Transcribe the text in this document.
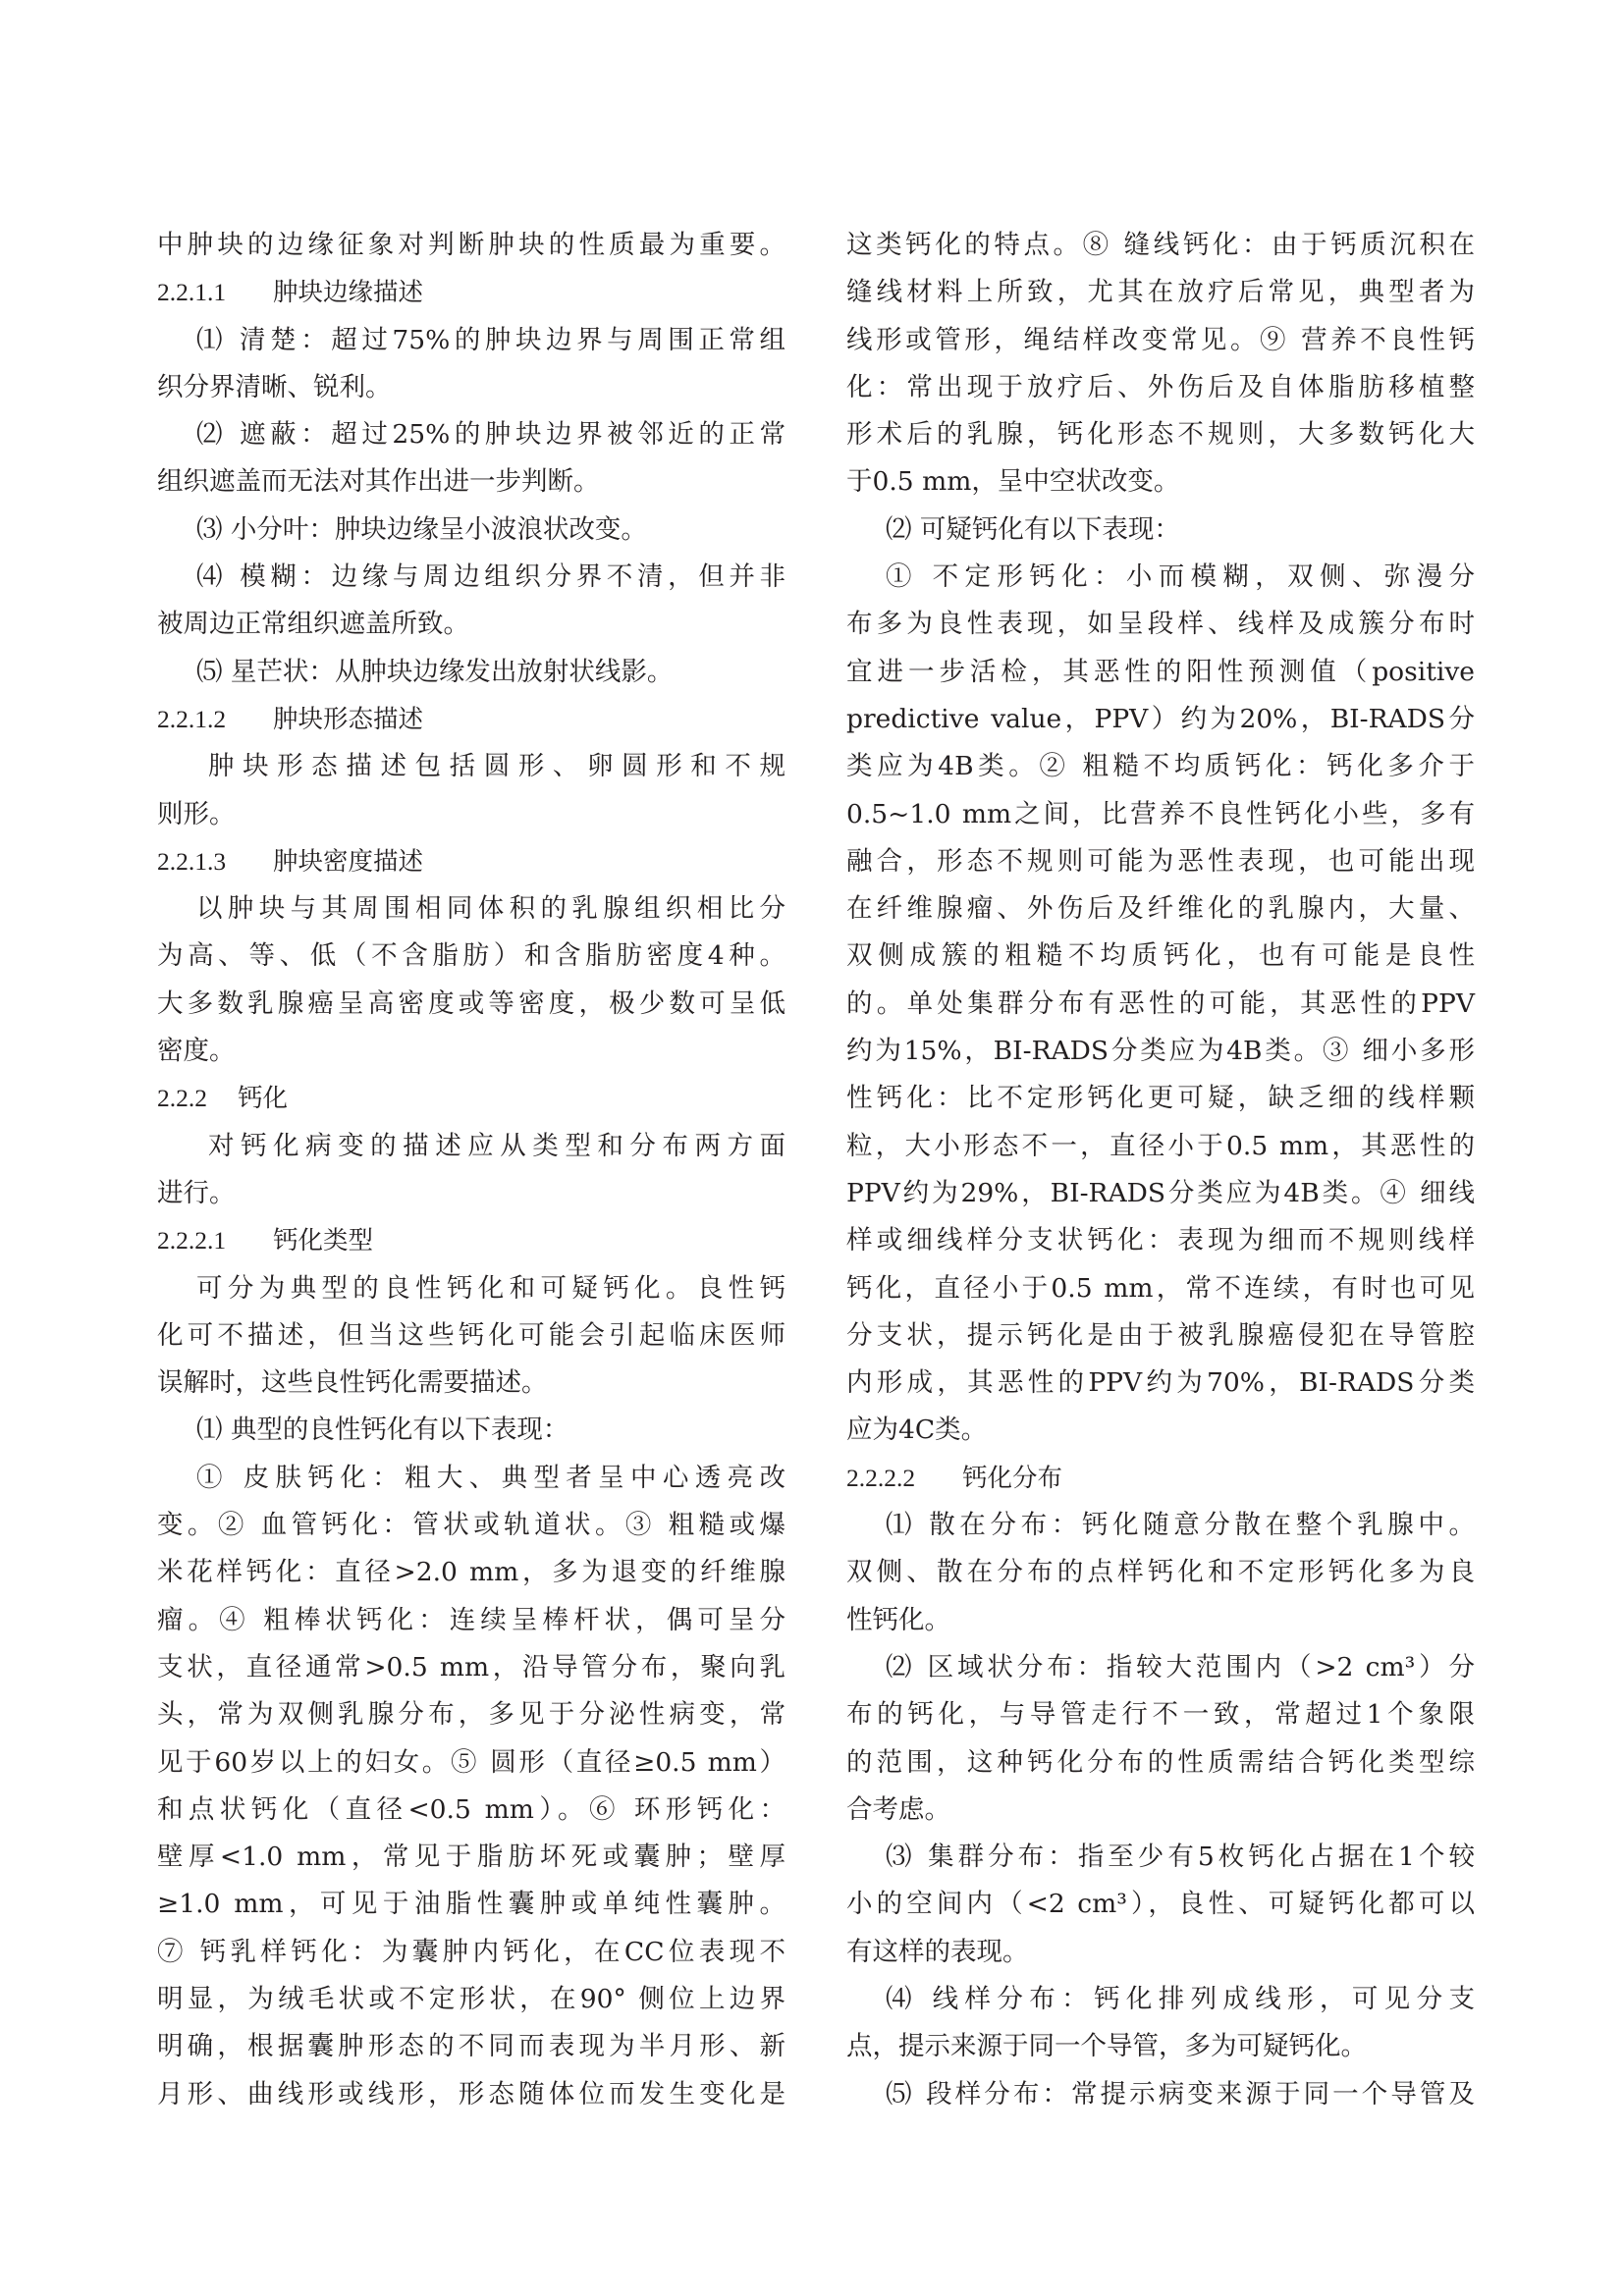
中肿块的边缘征象对判断肿块的性质最为重要。
2.2.1.1 肿块边缘描述
⑴ 清楚：超过75%的肿块边界与周围正常组
织分界清晰、锐利。
⑵ 遮蔽：超过25%的肿块边界被邻近的正常
组织遮盖而无法对其作出进一步判断。
⑶ 小分叶：肿块边缘呈小波浪状改变。
⑷ 模糊：边缘与周边组织分界不清，但并非
被周边正常组织遮盖所致。
⑸ 星芒状：从肿块边缘发出放射状线影。
2.2.1.2 肿块形态描述
肿块形态描述包括圆形、卵圆形和不规
则形。
2.2.1.3 肿块密度描述
以肿块与其周围相同体积的乳腺组织相比分
为高、等、低（不含脂肪）和含脂肪密度4种。
大多数乳腺癌呈高密度或等密度，极少数可呈低
密度。
2.2.2 钙化
对钙化病变的描述应从类型和分布两方面
进行。
2.2.2.1 钙化类型
可分为典型的良性钙化和可疑钙化。良性钙
化可不描述，但当这些钙化可能会引起临床医师
误解时，这些良性钙化需要描述。
⑴ 典型的良性钙化有以下表现：
① 皮肤钙化：粗大、典型者呈中心透亮改
变。② 血管钙化：管状或轨道状。③ 粗糙或爆
米花样钙化：直径>2.0 mm，多为退变的纤维腺
瘤。④ 粗棒状钙化：连续呈棒杆状，偶可呈分
支状，直径通常>0.5 mm，沿导管分布，聚向乳
头，常为双侧乳腺分布，多见于分泌性病变，常
见于60岁以上的妇女。⑤ 圆形（直径≥0.5 mm）
和点状钙化（直径<0.5 mm）。⑥ 环形钙化：
壁厚<1.0 mm，常见于脂肪坏死或囊肿；壁厚
≥1.0 mm，可见于油脂性囊肿或单纯性囊肿。
⑦ 钙乳样钙化：为囊肿内钙化，在CC位表现不
明显，为绒毛状或不定形状，在90° 侧位上边界
明确，根据囊肿形态的不同而表现为半月形、新
月形、曲线形或线形，形态随体位而发生变化是
这类钙化的特点。⑧ 缝线钙化：由于钙质沉积在
缝线材料上所致，尤其在放疗后常见，典型者为
线形或管形，绳结样改变常见。⑨ 营养不良性钙
化：常出现于放疗后、外伤后及自体脂肪移植整
形术后的乳腺，钙化形态不规则，大多数钙化大
于0.5 mm，呈中空状改变。
⑵ 可疑钙化有以下表现：
① 不定形钙化：小而模糊，双侧、弥漫分
布多为良性表现，如呈段样、线样及成簇分布时
宜进一步活检，其恶性的阳性预测值（positive
predictive value，PPV）约为20%，BI-RADS分
类应为4B类。② 粗糙不均质钙化：钙化多介于
0.5~1.0 mm之间，比营养不良性钙化小些，多有
融合，形态不规则可能为恶性表现，也可能出现
在纤维腺瘤、外伤后及纤维化的乳腺内，大量、
双侧成簇的粗糙不均质钙化，也有可能是良性
的。单处集群分布有恶性的可能，其恶性的PPV
约为15%，BI-RADS分类应为4B类。③ 细小多形
性钙化：比不定形钙化更可疑，缺乏细的线样颗
粒，大小形态不一，直径小于0.5 mm，其恶性的
PPV约为29%，BI-RADS分类应为4B类。④ 细线
样或细线样分支状钙化：表现为细而不规则线样
钙化，直径小于0.5 mm，常不连续，有时也可见
分支状，提示钙化是由于被乳腺癌侵犯在导管腔
内形成，其恶性的PPV约为70%，BI-RADS分类
应为4C类。
2.2.2.2 钙化分布
⑴ 散在分布：钙化随意分散在整个乳腺中。
双侧、散在分布的点样钙化和不定形钙化多为良
性钙化。
⑵ 区域状分布：指较大范围内（>2 cm³）分
布的钙化，与导管走行不一致，常超过1个象限
的范围，这种钙化分布的性质需结合钙化类型综
合考虑。
⑶ 集群分布：指至少有5枚钙化占据在1个较
小的空间内（<2 cm³），良性、可疑钙化都可以
有这样的表现。
⑷ 线样分布：钙化排列成线形，可见分支
点，提示来源于同一个导管，多为可疑钙化。
⑸ 段样分布：常提示病变来源于同一个导管及
